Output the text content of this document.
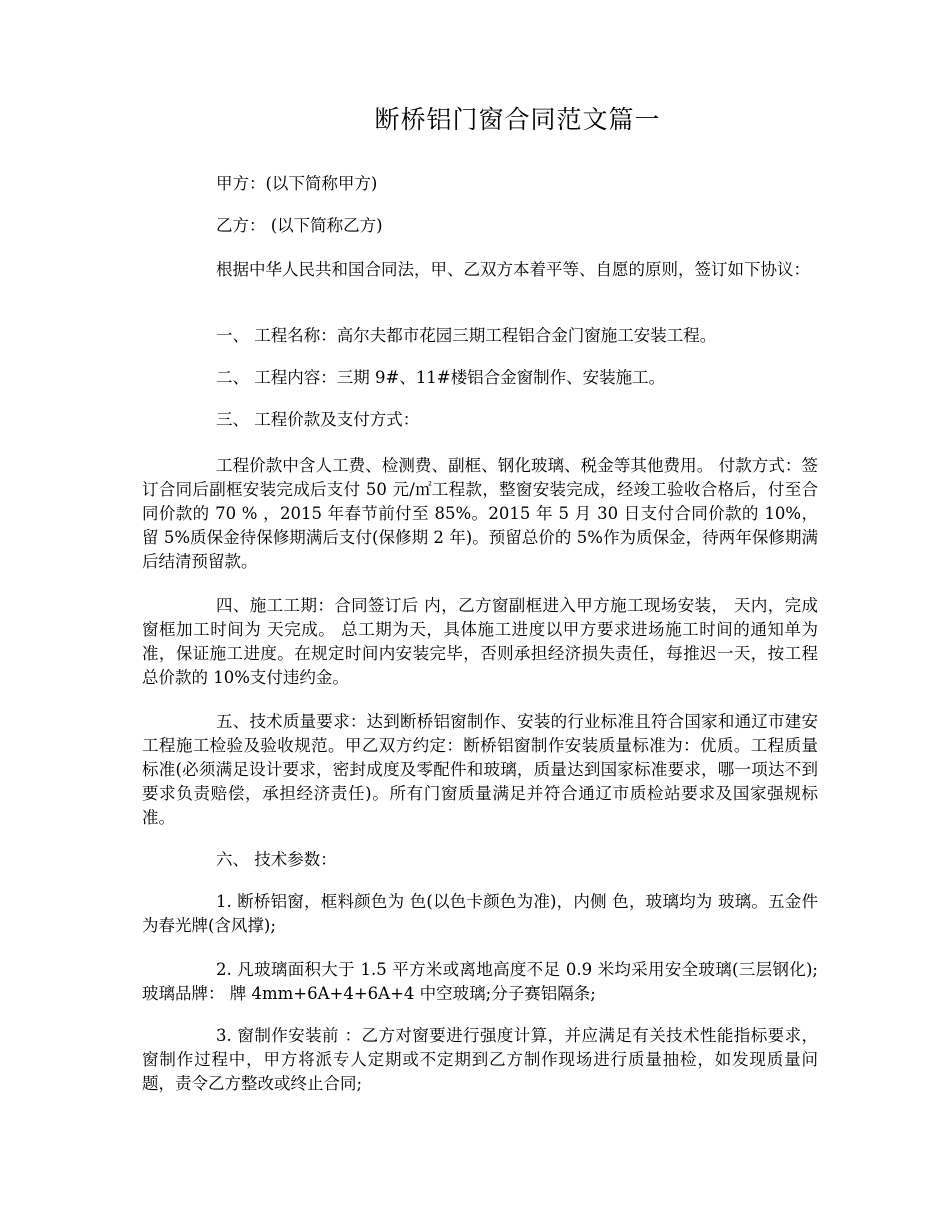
断桥铝门窗合同范文篇一

甲方：(以下简称甲方)

乙方： (以下简称乙方)

根据中华人民共和国合同法，甲、乙双方本着平等、自愿的原则，签订如下协议：

一、 工程名称：高尔夫都市花园三期工程铝合金门窗施工安装工程。

二、 工程内容：三期 9#、11#楼铝合金窗制作、安装施工。

三、 工程价款及支付方式：

工程价款中含人工费、检测费、副框、钢化玻璃、税金等其他费用。 付款方式：签订合同后副框安装完成后支付 50 元/㎡工程款，整窗安装完成，经竣工验收合格后，付至合同价款的 70 % ，2015 年春节前付至 85%。2015 年 5 月 30 日支付合同价款的 10%，留 5%质保金待保修期满后支付(保修期 2 年)。预留总价的 5%作为质保金，待两年保修期满后结清预留款。

四、施工工期：合同签订后 内，乙方窗副框进入甲方施工现场安装， 天内，完成窗框加工时间为 天完成。 总工期为天，具体施工进度以甲方要求进场施工时间的通知单为准，保证施工进度。在规定时间内安装完毕，否则承担经济损失责任，每推迟一天，按工程总价款的 10%支付违约金。

五、技术质量要求：达到断桥铝窗制作、安装的行业标准且符合国家和通辽市建安工程施工检验及验收规范。甲乙双方约定：断桥铝窗制作安装质量标准为：优质。工程质量标准(必须满足设计要求，密封成度及零配件和玻璃，质量达到国家标准要求，哪一项达不到要求负责赔偿，承担经济责任)。所有门窗质量满足并符合通辽市质检站要求及国家强规标准。

六、 技术参数：

1. 断桥铝窗，框料颜色为 色(以色卡颜色为准)，内侧 色，玻璃均为 玻璃。五金件为春光牌(含风撑);

2. 凡玻璃面积大于 1.5 平方米或离地高度不足 0.9 米均采用安全玻璃(三层钢化);玻璃品牌： 牌 4mm+6A+4+6A+4 中空玻璃;分子赛铝隔条;

3. 窗制作安装前 ：乙方对窗要进行强度计算，并应满足有关技术性能指标要求，窗制作过程中，甲方将派专人定期或不定期到乙方制作现场进行质量抽检，如发现质量问题，责令乙方整改或终止合同;
